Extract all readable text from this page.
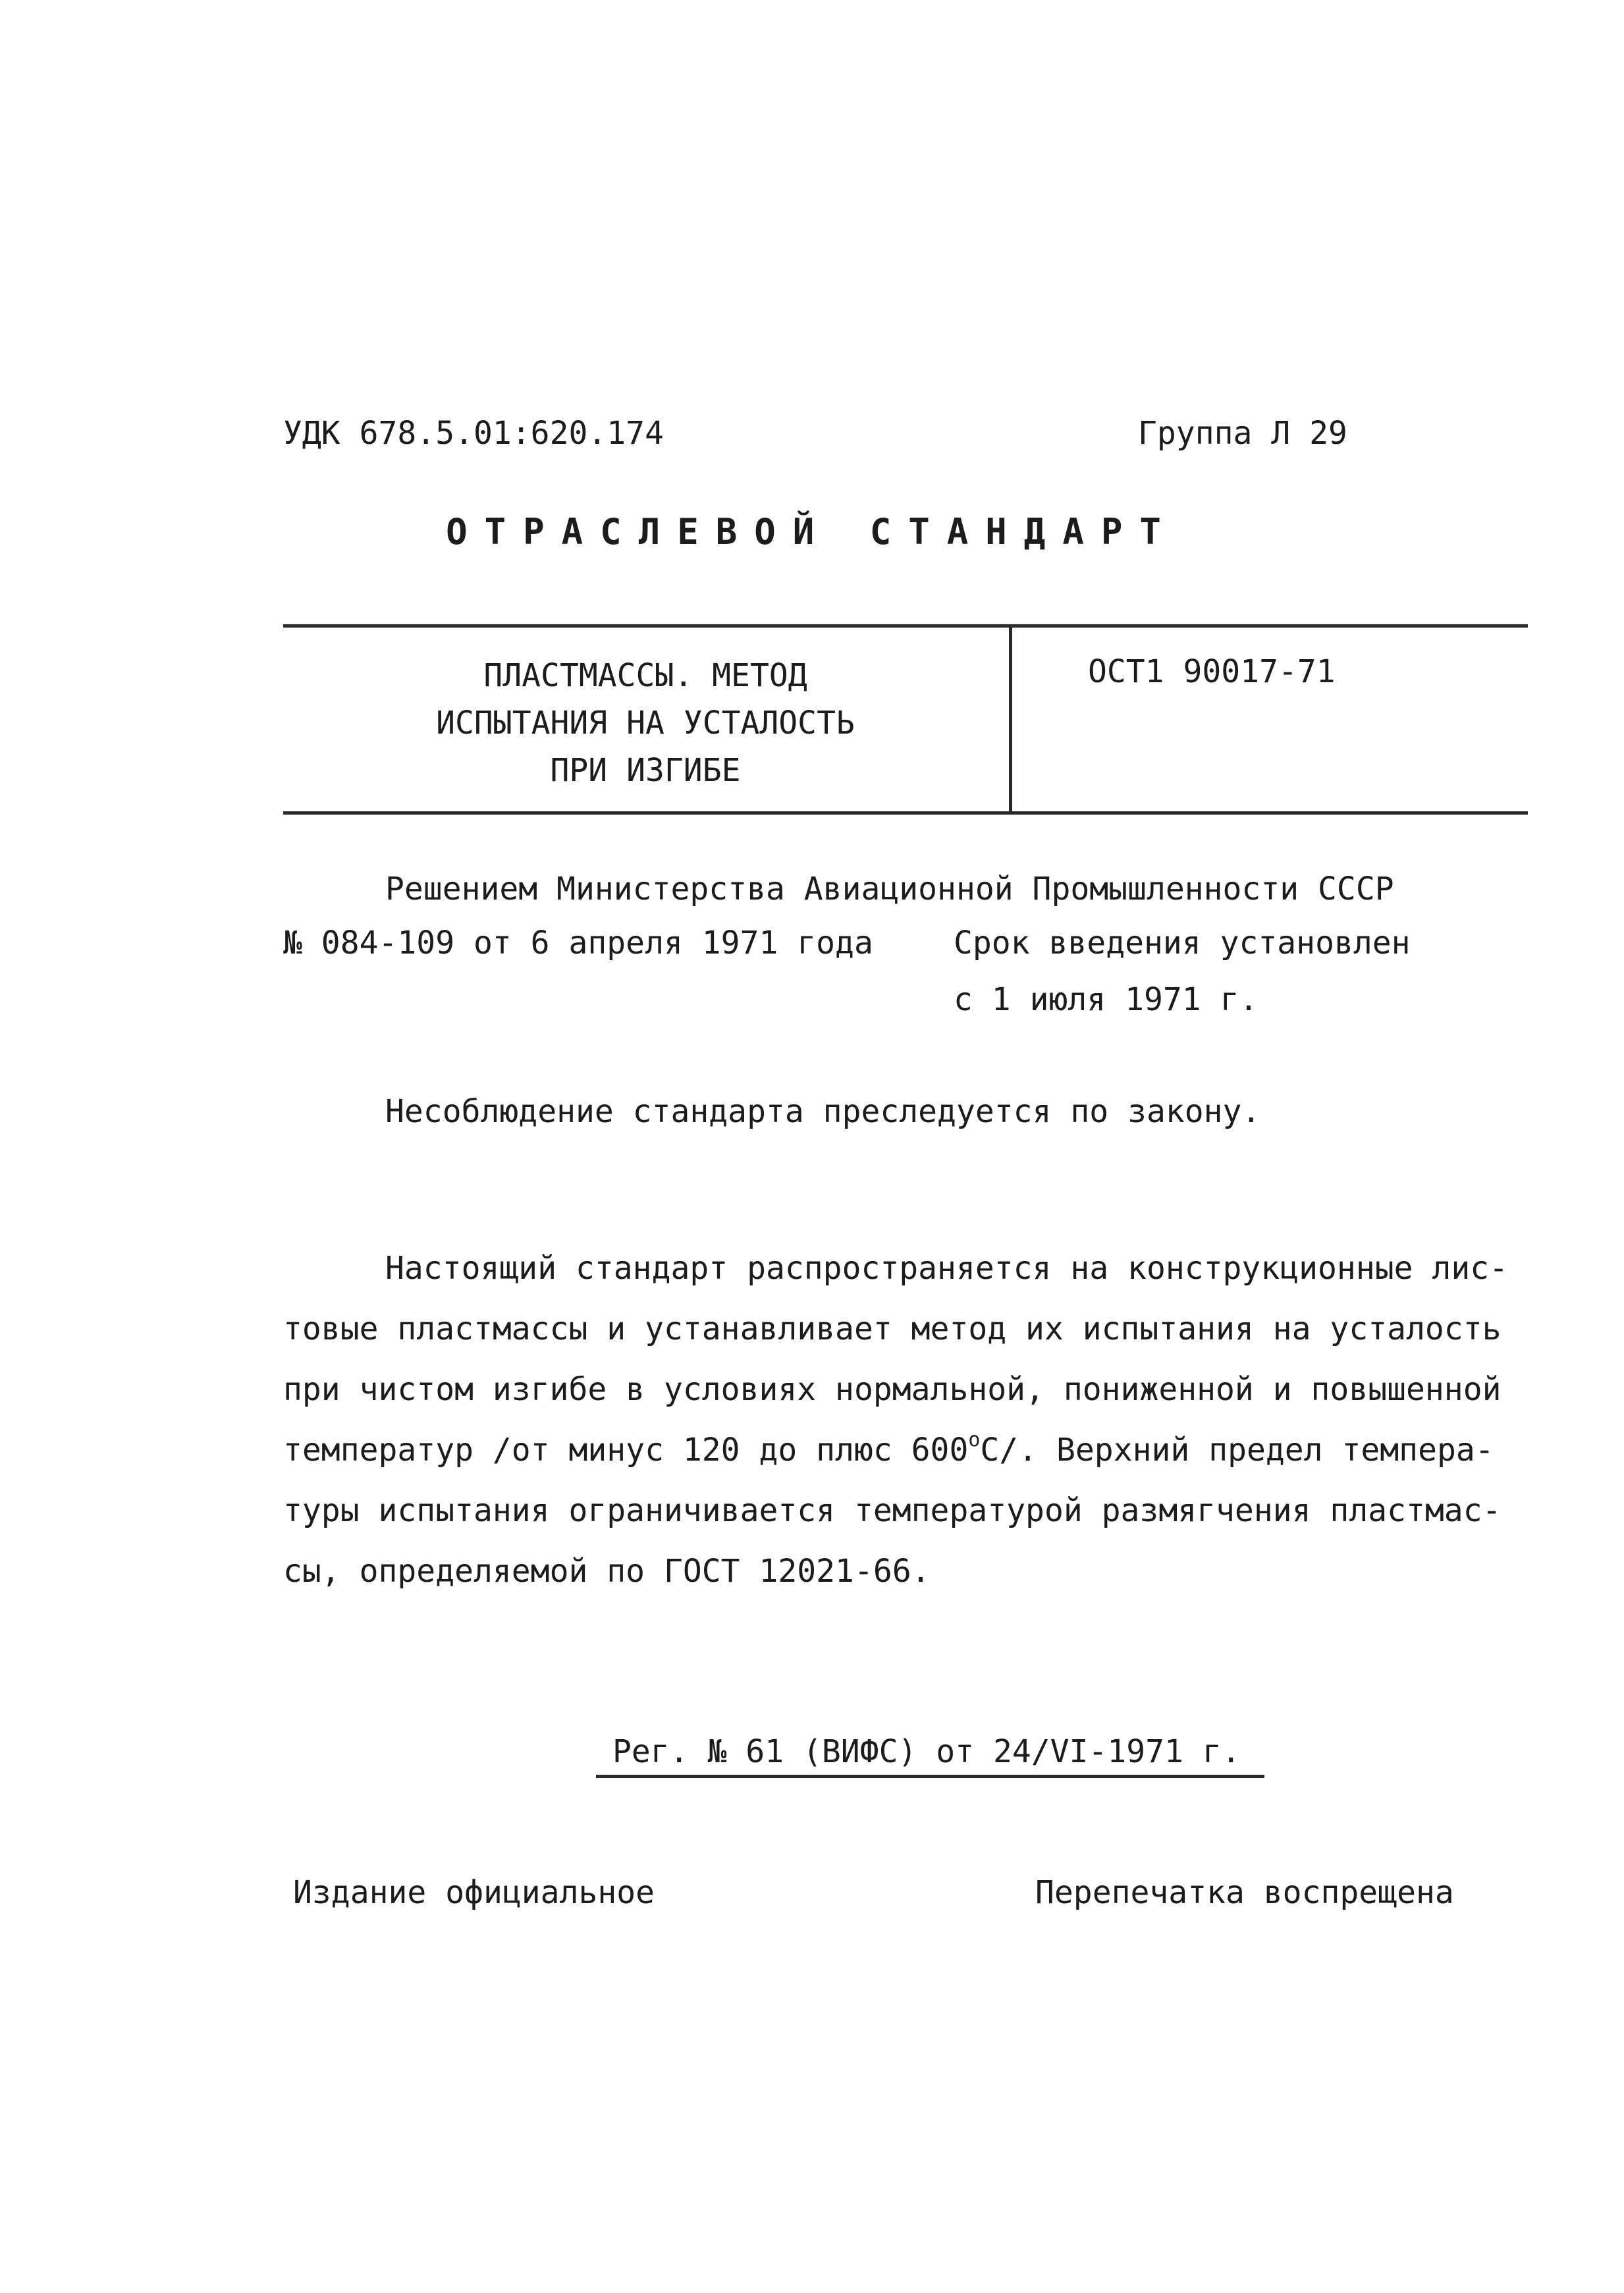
УДК 678.5.01:620.174	Группа Л 29
ОТРАСЛЕВОЙ СТАНДАРТ
ПЛАСТМАССЫ. МЕТОД
ИСПЫТАНИЯ НА УСТАЛОСТЬ
ПРИ ИЗГИБЕ
ОСТ1 90017-71
Решением Министерства Авиационной Промышленности СССР
№ 084-109 от 6 апреля 1971 года	Срок введения установлен
с 1 июля 1971 г.
Несоблюдение стандарта преследуется по закону.
Настоящий стандарт распространяется на конструкционные лис-
товые пластмассы и устанавливает метод их испытания на усталость
при чистом изгибе в условиях нормальной, пониженной и повышенной
температур /от минус 120 до плюс $600^оС/$. Верхний предел темпера-
туры испытания ограничивается температурой размягчения пластмас-
сы, определяемой по ГОСТ 12021-66.
Рег. № 61 (ВИФС) от 24/VI-1971 г.
Издание официальное	Перепечатка воспрещена
